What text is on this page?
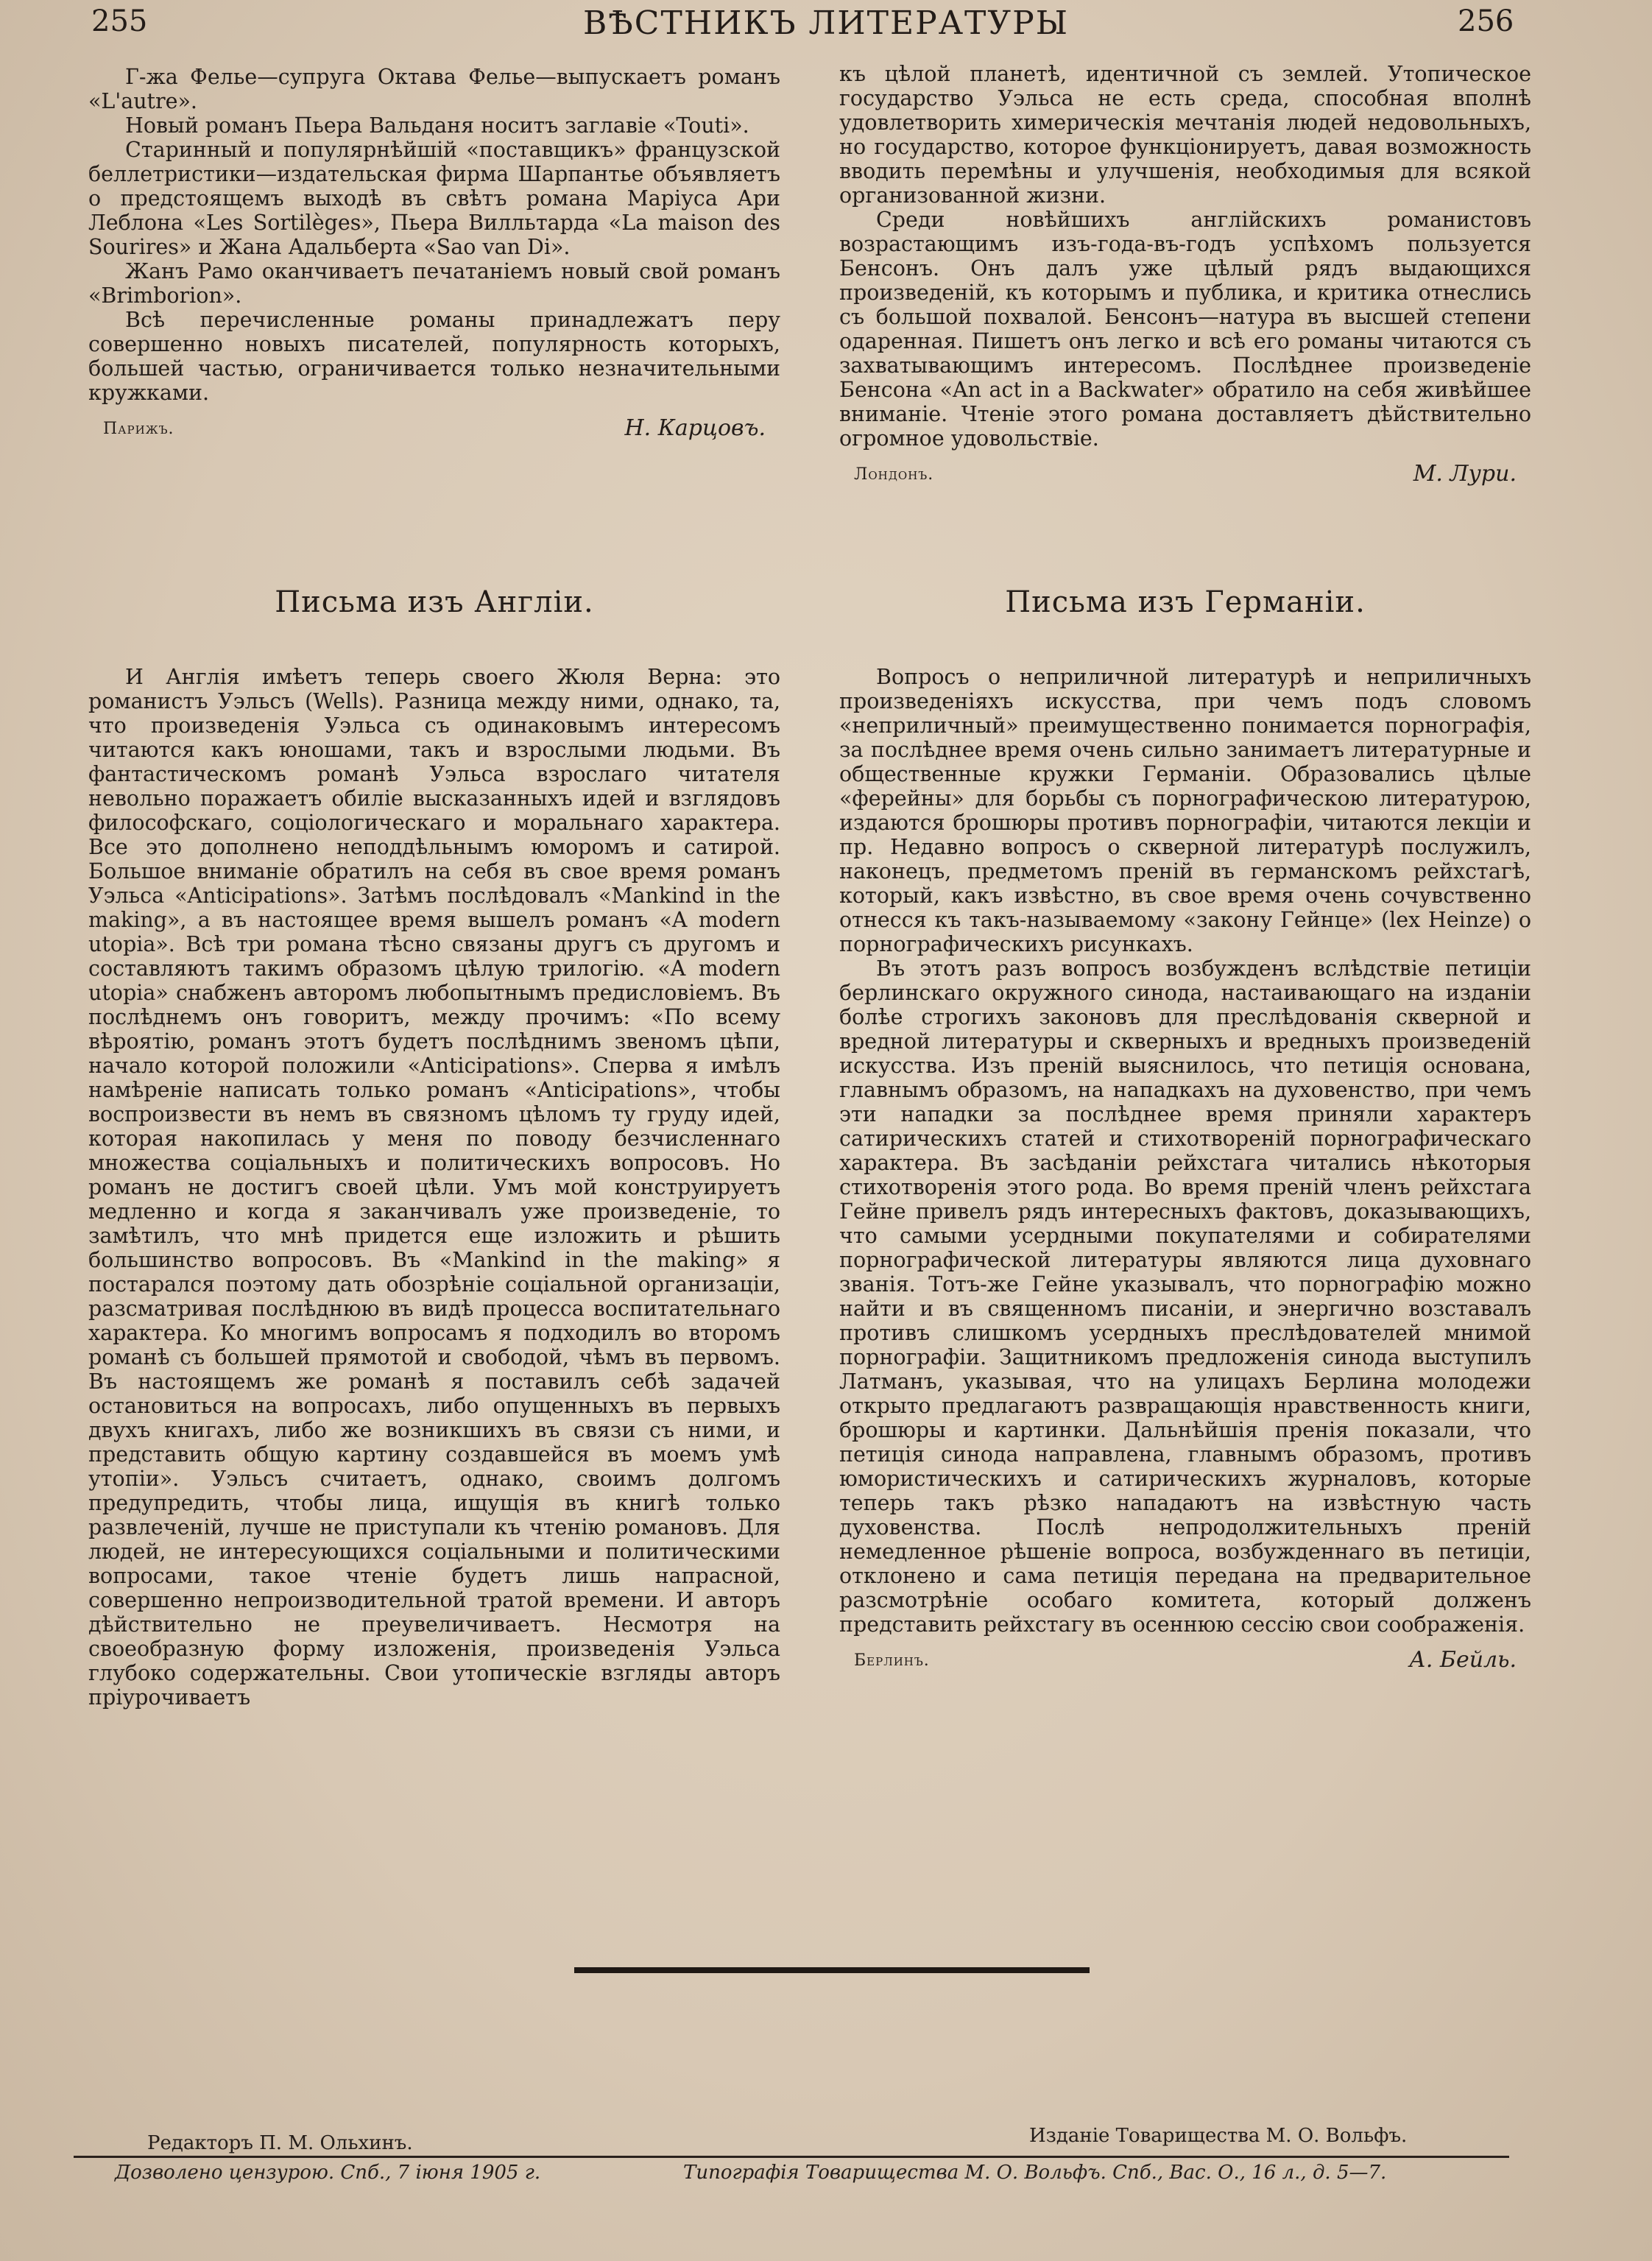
255	ВѢСТНИКЪ ЛИТЕРАТУРЫ	256

Г-жа Фелье—супруга Октава Фелье—выпускаетъ романъ «L'autre».

Новый романъ Пьера Вальданя носитъ заглавіе «Touti».

Старинный и популярнѣйшій «поставщикъ» французской беллетристики—издательская фирма Шарпантье объявляетъ о предстоящемъ выходѣ въ свѣтъ романа Маріуса Ари Леблона «Les Sortilèges», Пьера Вилльтарда «La maison des Sourires» и Жана Адальберта «Sao van Di».

Жанъ Рамо оканчиваетъ печатаніемъ новый свой романъ «Brimborion».

Всѣ перечисленные романы принадлежатъ перу совершенно новыхъ писателей, популярность которыхъ, большей частью, ограничивается только незначительными кружками.

Парижъ.	Н. Карцовъ.

къ цѣлой планетѣ, идентичной съ землей. Утопическое государство Уэльса не есть среда, способная вполнѣ удовлетворить химерическія мечтанія людей недовольныхъ, но государство, которое функціонируетъ, давая возможность вводить перемѣны и улучшенія, необходимыя для всякой организованной жизни.

Среди новѣйшихъ англійскихъ романистовъ возрастающимъ изъ-года-въ-годъ успѣхомъ пользуется Бенсонъ. Онъ далъ уже цѣлый рядъ выдающихся произведеній, къ которымъ и публика, и критика отнеслись съ большой похвалой. Бенсонъ—натура въ высшей степени одаренная. Пишетъ онъ легко и всѣ его романы читаются съ захватывающимъ интересомъ. Послѣднее произведеніе Бенсона «An act in a Backwater» обратило на себя живѣйшее вниманіе. Чтеніе этого романа доставляетъ дѣйствительно огромное удовольствіе.

Лондонъ.	М. Лури.
Письма изъ Англіи.

И Англія имѣетъ теперь своего Жюля Верна: это романистъ Уэльсъ (Wells). Разница между ними, однако, та, что произведенія Уэльса съ одинаковымъ интересомъ читаются какъ юношами, такъ и взрослыми людьми. Въ фантастическомъ романѣ Уэльса взрослаго читателя невольно поражаетъ обиліе высказанныхъ идей и взглядовъ философскаго, соціологическаго и моральнаго характера. Все это дополнено неподдѣльнымъ юморомъ и сатирой. Большое вниманіе обратилъ на себя въ свое время романъ Уэльса «Anticipations». Затѣмъ послѣдовалъ «Mankind in the making», а въ настоящее время вышелъ романъ «A modern utopia». Всѣ три романа тѣсно связаны другъ съ другомъ и составляютъ такимъ образомъ цѣлую трилогію. «A modern utopia» снабженъ авторомъ любопытнымъ предисловіемъ. Въ послѣднемъ онъ говоритъ, между прочимъ: «По всему вѣроятію, романъ этотъ будетъ послѣднимъ звеномъ цѣпи, начало которой положили «Anticipations». Сперва я имѣлъ намѣреніе написать только романъ «Anticipations», чтобы воспроизвести въ немъ въ связномъ цѣломъ ту груду идей, которая накопилась у меня по поводу безчисленнаго множества соціальныхъ и политическихъ вопросовъ. Но романъ не достигъ своей цѣли. Умъ мой конструируетъ медленно и когда я заканчивалъ уже произведеніе, то замѣтилъ, что мнѣ придется еще изложить и рѣшить большинство вопросовъ. Въ «Mankind in the making» я постарался поэтому дать обозрѣніе соціальной организаціи, разсматривая послѣднюю въ видѣ процесса воспитательнаго характера. Ко многимъ вопросамъ я подходилъ во второмъ романѣ съ большей прямотой и свободой, чѣмъ въ первомъ. Въ настоящемъ же романѣ я поставилъ себѣ задачей остановиться на вопросахъ, либо опущенныхъ въ первыхъ двухъ книгахъ, либо же возникшихъ въ связи съ ними, и представить общую картину создавшейся въ моемъ умѣ утопіи». Уэльсъ считаетъ, однако, своимъ долгомъ предупредить, чтобы лица, ищущія въ книгѣ только развлеченій, лучше не приступали къ чтенію романовъ. Для людей, не интересующихся соціальными и политическими вопросами, такое чтеніе будетъ лишь напрасной, совершенно непроизводительной тратой времени. И авторъ дѣйствительно не преувеличиваетъ. Несмотря на своеобразную форму изложенія, произведенія Уэльса глубоко содержательны. Свои утопическіе взгляды авторъ пріурочиваетъ

Письма изъ Германіи.

Вопросъ о неприличной литературѣ и неприличныхъ произведеніяхъ искусства, при чемъ подъ словомъ «неприличный» преимущественно понимается порнографія, за послѣднее время очень сильно занимаетъ литературные и общественные кружки Германіи. Образовались цѣлые «ферейны» для борьбы съ порнографическою литературою, издаются брошюры противъ порнографіи, читаются лекціи и пр. Недавно вопросъ о скверной литературѣ послужилъ, наконецъ, предметомъ преній въ германскомъ рейхстагѣ, который, какъ извѣстно, въ свое время очень сочувственно отнесся къ такъ-называемому «закону Гейнце» (lex Heinze) о порнографическихъ рисункахъ.

Въ этотъ разъ вопросъ возбужденъ вслѣдствіе петиціи берлинскаго окружного синода, настаивающаго на изданіи болѣе строгихъ законовъ для преслѣдованія скверной и вредной литературы и скверныхъ и вредныхъ произведеній искусства. Изъ преній выяснилось, что петиція основана, главнымъ образомъ, на нападкахъ на духовенство, при чемъ эти нападки за послѣднее время приняли характеръ сатирическихъ статей и стихотвореній порнографическаго характера. Въ засѣданіи рейхстага читались нѣкоторыя стихотворенія этого рода. Во время преній членъ рейхстага Гейне привелъ рядъ интересныхъ фактовъ, доказывающихъ, что самыми усердными покупателями и собирателями порнографической литературы являются лица духовнаго званія. Тотъ-же Гейне указывалъ, что порнографію можно найти и въ священномъ писаніи, и энергично возставалъ противъ слишкомъ усердныхъ преслѣдователей мнимой порнографіи. Защитникомъ предложенія синода выступилъ Латманъ, указывая, что на улицахъ Берлина молодежи открыто предлагаютъ развращающія нравственность книги, брошюры и картинки. Дальнѣйшія пренія показали, что петиція синода направлена, главнымъ образомъ, противъ юмористическихъ и сатирическихъ журналовъ, которые теперь такъ рѣзко нападаютъ на извѣстную часть духовенства. Послѣ непродолжительныхъ преній немедленное рѣшеніе вопроса, возбужденнаго въ петиціи, отклонено и сама петиція передана на предварительное разсмотрѣніе особаго комитета, который долженъ представить рейхстагу въ осеннюю сессію свои соображенія.

Берлинъ.	А. Бейль.
Редакторъ П. М. Ольхинъ.	Изданіе Товарищества М. О. Вольфъ.
Дозволено цензурою. Спб., 7 іюня 1905 г.	Типографія Товарищества М. О. Вольфъ. Спб., Вас. О., 16 л., д. 5—7.
